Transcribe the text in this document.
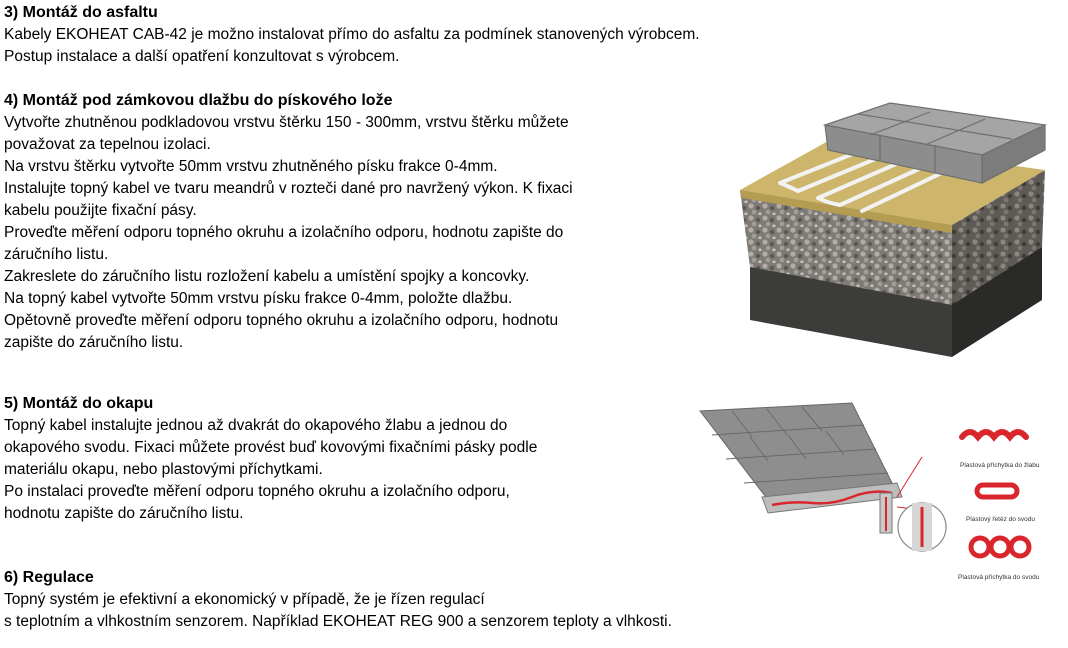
3) Montáž do asfaltu

Kabely EKOHEAT CAB-42 je možno instalovat přímo do asfaltu za podmínek stanovených výrobcem.

Postup instalace a další opatření konzultovat s výrobcem.

4) Montáž pod zámkovou dlažbu do pískového lože

Vytvořte zhutněnou podkladovou vrstvu štěrku 150 - 300mm, vrstvu štěrku můžete

považovat za tepelnou izolaci.

Na vrstvu štěrku vytvořte 50mm vrstvu zhutněného písku frakce 0-4mm.

Instalujte topný kabel ve tvaru meandrů v rozteči dané pro navržený výkon. K fixaci

kabelu použijte fixační pásy.

Proveďte měření odporu topného okruhu a izolačního odporu, hodnotu zapište do

záručního listu.

Zakreslete do záručního listu rozložení kabelu a umístění spojky a koncovky.

Na topný kabel vytvořte 50mm vrstvu písku frakce 0-4mm, položte dlažbu.

Opětovně proveďte měření odporu topného okruhu a izolačního odporu, hodnotu

zapište do záručního listu.

5) Montáž do okapu

Topný kabel instalujte jednou až dvakrát do okapového žlabu a jednou do

okapového svodu. Fixaci můžete provést buď kovovými fixačními pásky podle

materiálu okapu, nebo plastovými příchytkami.

Po instalaci proveďte měření odporu topného okruhu a izolačního odporu,

hodnotu zapište do záručního listu.

6) Regulace

Topný systém je efektivní a ekonomický v případě, že je řízen regulací

s teplotním a vlhkostním senzorem. Například EKOHEAT REG 900 a senzorem teploty a vlhkosti.

Plastová příchytka do žlabu
Plastový řetěz do svodu
Plastová příchytka do svodu
